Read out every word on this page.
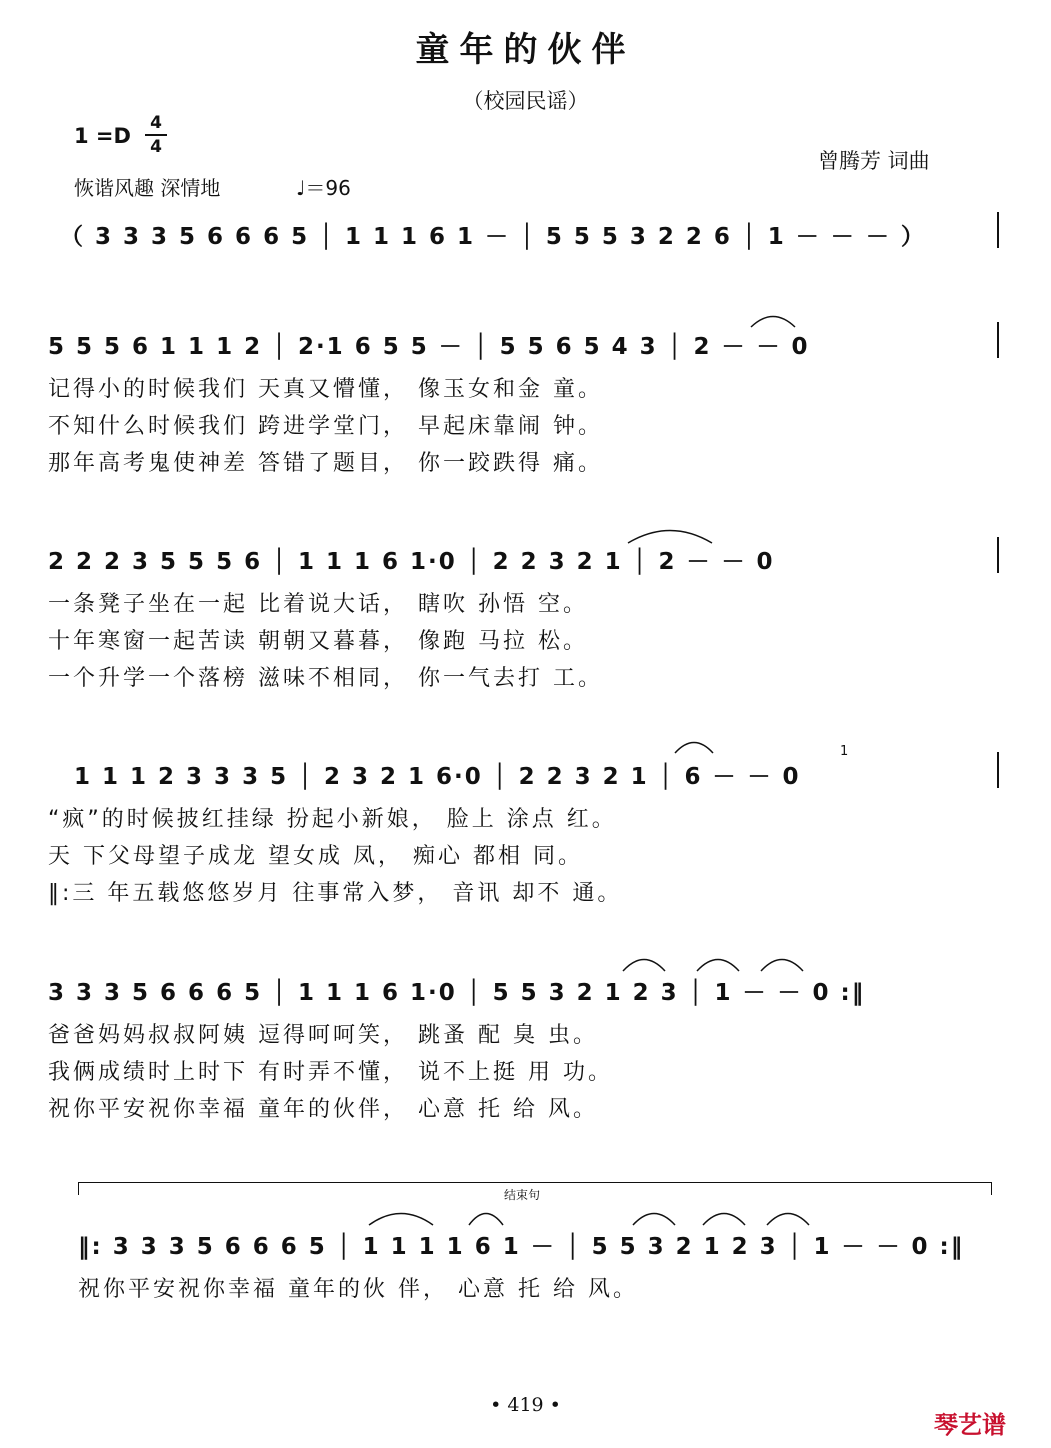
童年的伙伴
（校园民谣）
$1 =D \frac{4}{4}$
恢谐风趣 深情地	♩＝96
曾腾芳 词曲
（ 3 3 3 5 6 6 6 5 │ 1 1 1 6 1 － │ 5 5 5 3 2 2 6 │ 1 － － － ）
5 5 5 6 1 1 1 2 │ 2·1 6 5 5 － │ 5 5 6 5 4 3 │ 2 － － 0
记得小的时候我们 天真又懵懂， 像玉女和金 童。
不知什么时候我们 跨进学堂门， 早起床靠闹 钟。
那年高考鬼使神差 答错了题目， 你一跤跌得 痛。
2 2 2 3 5 5 5 6 │ 1 1 1 6 1·0 │ 2 2 3 2 1 │ 2 － － 0
一条凳子坐在一起 比着说大话， 瞎吹 孙悟 空。
十年寒窗一起苦读 朝朝又暮暮， 像跑 马拉 松。
一个升学一个落榜 滋味不相同， 你一气去打 工。
1
1 1 1 2 3 3 3 5 │ 2 3 2 1 6·0 │ 2 2 3 2 1 │ 6 － － 0
“疯”的时候披红挂绿 扮起小新娘， 脸上 涂点 红。
天 下父母望子成龙 望女成 凤， 痴心 都相 同。
‖:三 年五载悠悠岁月 往事常入梦， 音讯 却不 通。
3 3 3 5 6 6 6 5 │ 1 1 1 6 1·0 │ 5 5 3 2 1 2 3 │ 1 － － 0 :‖
爸爸妈妈叔叔阿姨 逗得呵呵笑， 跳蚤 配 臭 虫。
我俩成绩时上时下 有时弄不懂， 说不上挺 用 功。
祝你平安祝你幸福 童年的伙伴， 心意 托 给 风。
结束句
‖: 3 3 3 5 6 6 6 5 │ 1 1 1 1 6 1 － │ 5 5 3 2 1 2 3 │ 1 － － 0 :‖
祝你平安祝你幸福 童年的伙 伴， 心意 托 给 风。
• 419 •
琴艺谱
